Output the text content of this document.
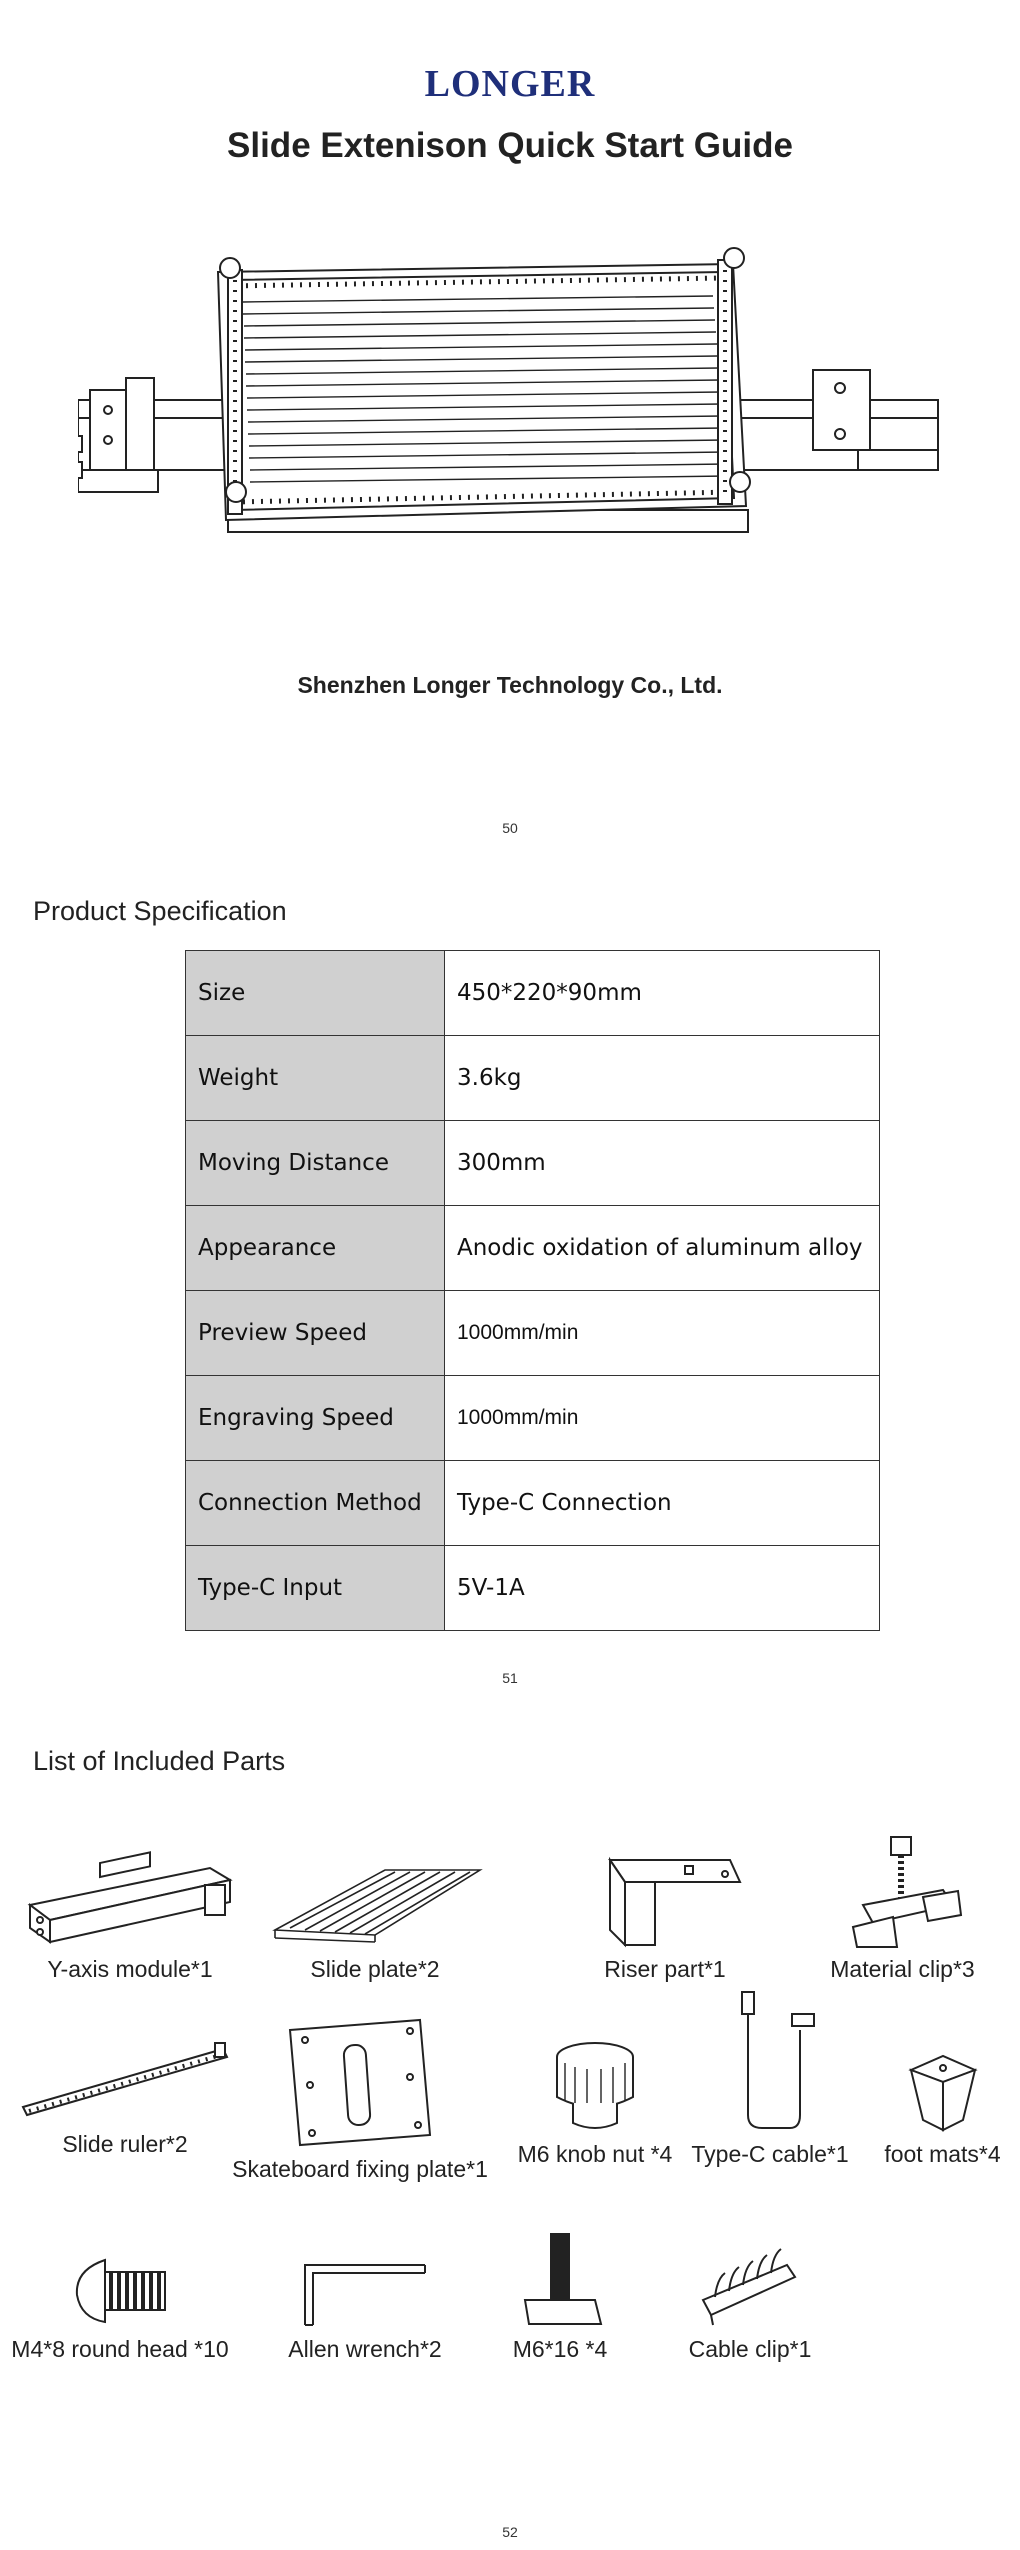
LONGER
Slide Extenison Quick Start Guide
Shenzhen Longer Technology Co., Ltd.
50
Product Specification
Size	450*220*90mm
Weight	3.6kg
Moving Distance	300mm
Appearance	Anodic oxidation of aluminum alloy
Preview Speed	1000mm/min
Engraving Speed	1000mm/min
Connection Method	Type-C Connection
Type-C Input	5V-1A
51
List of Included Parts
Y-axis module*1	Slide plate*2	Riser part*1	Material clip*3
Slide ruler*2
Skateboard fixing plate*1
M6 knob nut *4 Type-C cable*1	foot mats*4
M4*8 round head *10	Allen wrench*2	M6*16 *4	Cable clip*1
52
